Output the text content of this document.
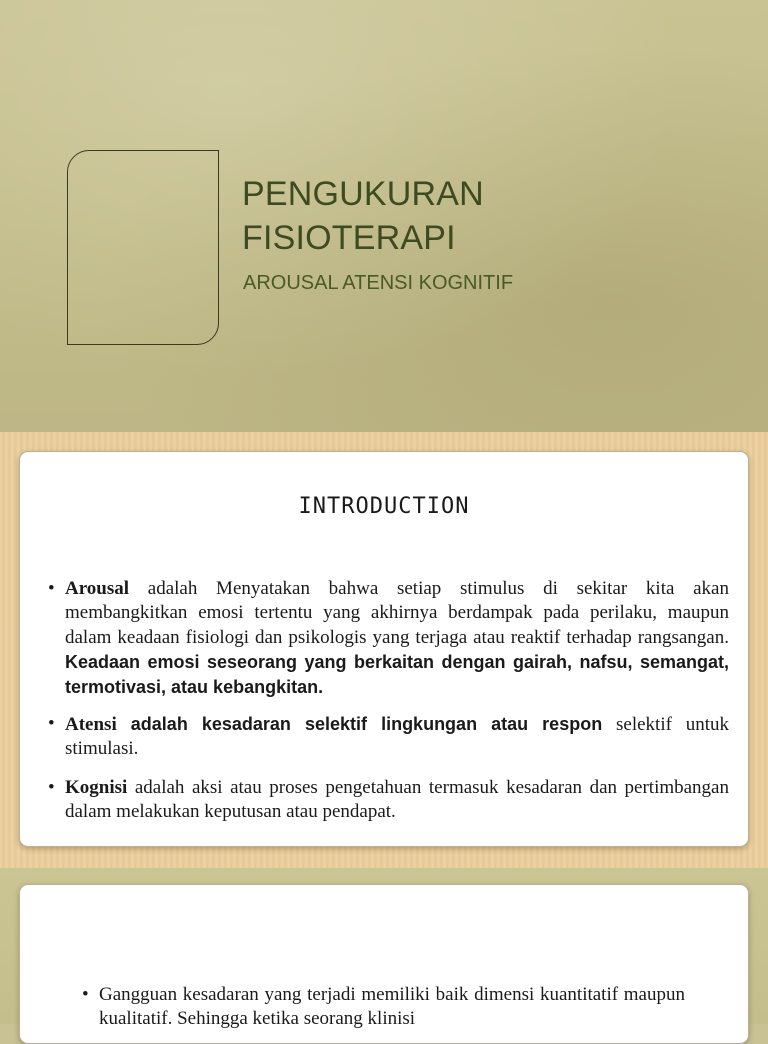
PENGUKURAN
FISIOTERAPI
AROUSAL ATENSI KOGNITIF
INTRODUCTION

• Arousal adalah Menyatakan bahwa setiap stimulus di sekitar kita akan membangkitkan emosi tertentu yang akhirnya berdampak pada perilaku, maupun dalam keadaan fisiologi dan psikologis yang terjaga atau reaktif terhadap rangsangan. Keadaan emosi seseorang yang berkaitan dengan gairah, nafsu, semangat, termotivasi, atau kebangkitan.

• Atensi adalah kesadaran selektif lingkungan atau respon selektif untuk stimulasi.

• Kognisi adalah aksi atau proses pengetahuan termasuk kesadaran dan pertimbangan dalam melakukan keputusan atau pendapat.

• Gangguan kesadaran yang terjadi memiliki baik dimensi kuantitatif maupun kualitatif. Sehingga ketika seorang klinisi
